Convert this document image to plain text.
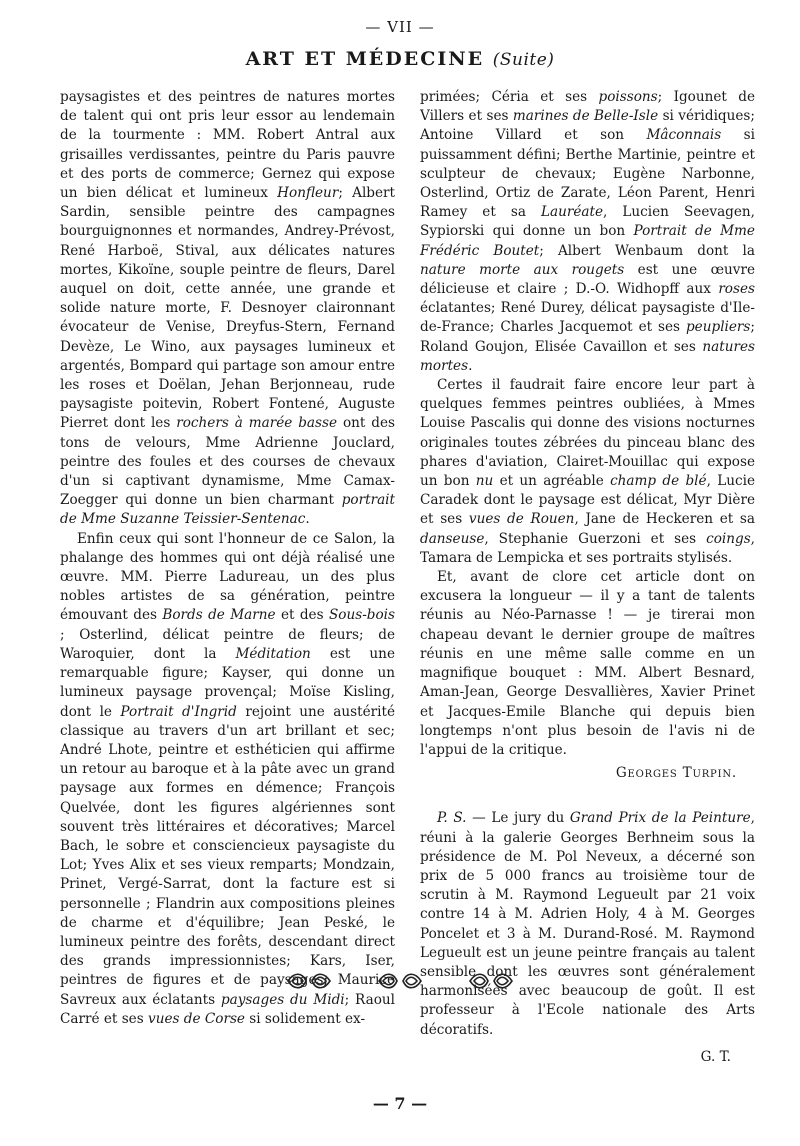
— VII —
ART ET MÉDECINE (Suite)

paysagistes et des peintres de natures mortes de talent qui ont pris leur essor au lendemain de la tourmente : MM. Robert Antral aux grisailles verdissantes, peintre du Paris pauvre et des ports de commerce; Gernez qui expose un bien délicat et lumineux Honfleur; Albert Sardin, sensible peintre des campagnes bourguignonnes et normandes, Andrey-Prévost, René Harboë, Stival, aux délicates natures mortes, Kikoïne, souple peintre de fleurs, Darel auquel on doit, cette année, une grande et solide nature morte, F. Desnoyer claironnant évocateur de Venise, Dreyfus-Stern, Fernand Devèze, Le Wino, aux paysages lumineux et argentés, Bompard qui partage son amour entre les roses et Doëlan, Jehan Berjonneau, rude paysagiste poitevin, Robert Fontené, Auguste Pierret dont les rochers à marée basse ont des tons de velours, Mme Adrienne Jouclard, peintre des foules et des courses de chevaux d'un si captivant dynamisme, Mme Camax-Zoegger qui donne un bien charmant portrait de Mme Suzanne Teissier-Sentenac.

Enfin ceux qui sont l'honneur de ce Salon, la phalange des hommes qui ont déjà réalisé une œuvre. MM. Pierre Ladureau, un des plus nobles artistes de sa génération, peintre émouvant des Bords de Marne et des Sous-bois ; Osterlind, délicat peintre de fleurs; de Waroquier, dont la Méditation est une remarquable figure; Kayser, qui donne un lumineux paysage provençal; Moïse Kisling, dont le Portrait d'Ingrid rejoint une austérité classique au travers d'un art brillant et sec; André Lhote, peintre et esthéticien qui affirme un retour au baroque et à la pâte avec un grand paysage aux formes en démence; François Quelvée, dont les figures algériennes sont souvent très littéraires et décoratives; Marcel Bach, le sobre et consciencieux paysagiste du Lot; Yves Alix et ses vieux remparts; Mondzain, Prinet, Vergé-Sarrat, dont la facture est si personnelle ; Flandrin aux compositions pleines de charme et d'équilibre; Jean Peské, le lumineux peintre des forêts, descendant direct des grands impressionnistes; Kars, Iser, peintres de figures et de paysages; Maurice Savreux aux éclatants paysages du Midi; Raoul Carré et ses vues de Corse si solidement ex-

primées; Céria et ses poissons; Igounet de Villers et ses marines de Belle-Isle si véridiques; Antoine Villard et son Mâconnais si puissamment défini; Berthe Martinie, peintre et sculpteur de chevaux; Eugène Narbonne, Osterlind, Ortiz de Zarate, Léon Parent, Henri Ramey et sa Lauréate, Lucien Seevagen, Sypiorski qui donne un bon Portrait de Mme Frédéric Boutet; Albert Wenbaum dont la nature morte aux rougets est une œuvre délicieuse et claire ; D.-O. Widhopff aux roses éclatantes; René Durey, délicat paysagiste d'Ile-de-France; Charles Jacquemot et ses peupliers; Roland Goujon, Elisée Cavaillon et ses natures mortes.

Certes il faudrait faire encore leur part à quelques femmes peintres oubliées, à Mmes Louise Pascalis qui donne des visions nocturnes originales toutes zébrées du pinceau blanc des phares d'aviation, Clairet-Mouillac qui expose un bon nu et un agréable champ de blé, Lucie Caradek dont le paysage est délicat, Myr Dière et ses vues de Rouen, Jane de Heckeren et sa danseuse, Stephanie Guerzoni et ses coings, Tamara de Lempicka et ses portraits stylisés.

Et, avant de clore cet article dont on excusera la longueur — il y a tant de talents réunis au Néo-Parnasse ! — je tirerai mon chapeau devant le dernier groupe de maîtres réunis en une même salle comme en un magnifique bouquet : MM. Albert Besnard, Aman-Jean, George Desvallières, Xavier Prinet et Jacques-Emile Blanche qui depuis bien longtemps n'ont plus besoin de l'avis ni de l'appui de la critique.

Georges Turpin.

P. S. — Le jury du Grand Prix de la Peinture, réuni à la galerie Georges Berhneim sous la présidence de M. Pol Neveux, a décerné son prix de 5 000 francs au troisième tour de scrutin à M. Raymond Legueult par 21 voix contre 14 à M. Adrien Holy, 4 à M. Georges Poncelet et 3 à M. Durand-Rosé. M. Raymond Legueult est un jeune peintre français au talent sensible dont les œuvres sont généralement harmonisées avec beaucoup de goût. Il est professeur à l'Ecole nationale des Arts décoratifs.

G. T.

— 7 —
